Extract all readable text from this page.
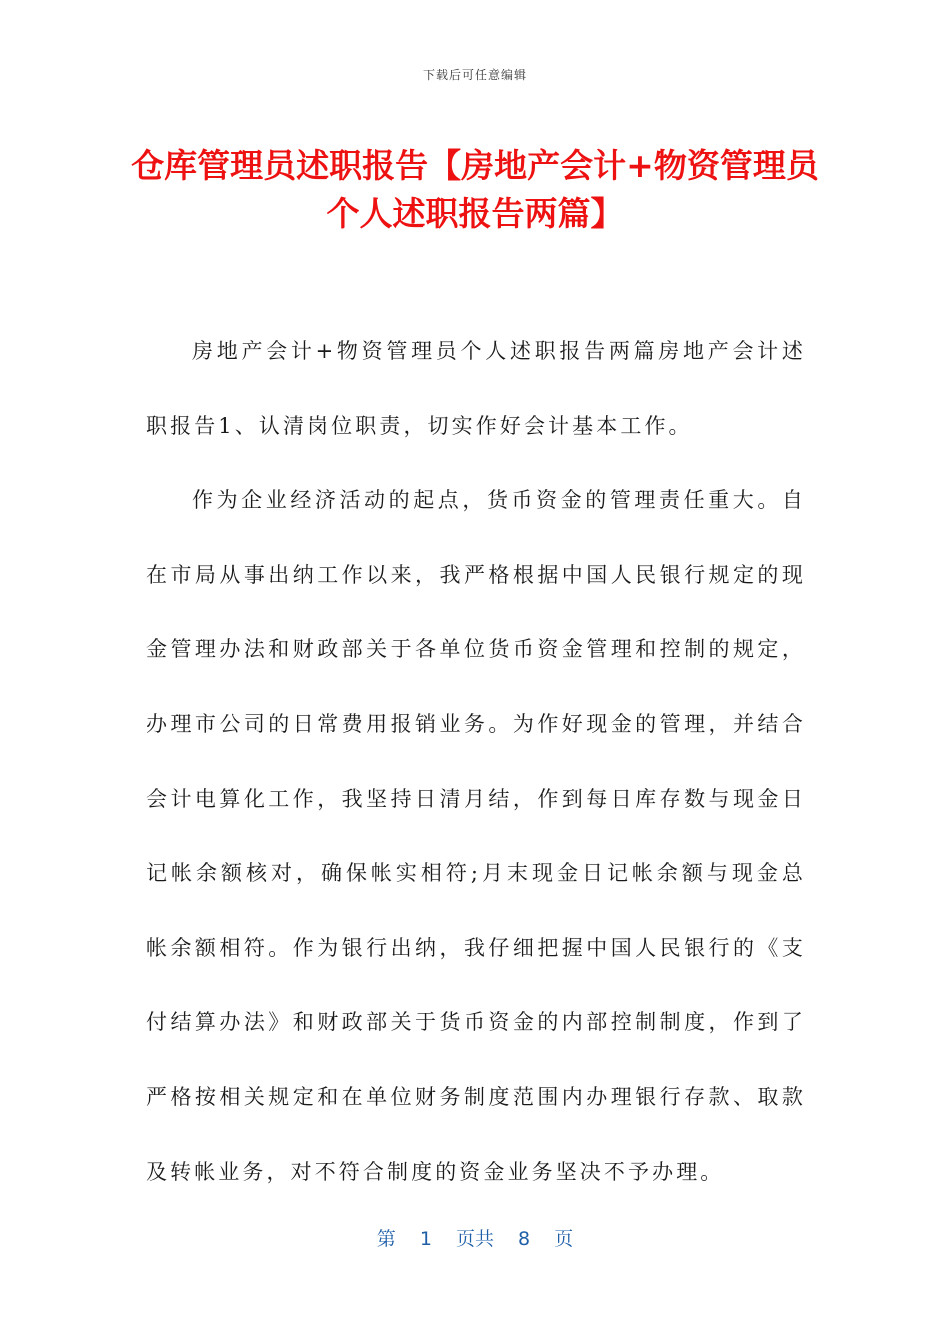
下载后可任意编辑
仓库管理员述职报告【房地产会计+物资管理员个人述职报告两篇】

房地产会计+物资管理员个人述职报告两篇房地产会计述职报告1、认清岗位职责，切实作好会计基本工作。

作为企业经济活动的起点，货币资金的管理责任重大。自在市局从事出纳工作以来，我严格根据中国人民银行规定的现金管理办法和财政部关于各单位货币资金管理和控制的规定，办理市公司的日常费用报销业务。为作好现金的管理，并结合会计电算化工作，我坚持日清月结，作到每日库存数与现金日记帐余额核对，确保帐实相符;月末现金日记帐余额与现金总帐余额相符。作为银行出纳，我仔细把握中国人民银行的《支付结算办法》和财政部关于货币资金的内部控制制度，作到了严格按相关规定和在单位财务制度范围内办理银行存款、取款及转帐业务，对不符合制度的资金业务坚决不予办理。

第 1 页共 8 页
